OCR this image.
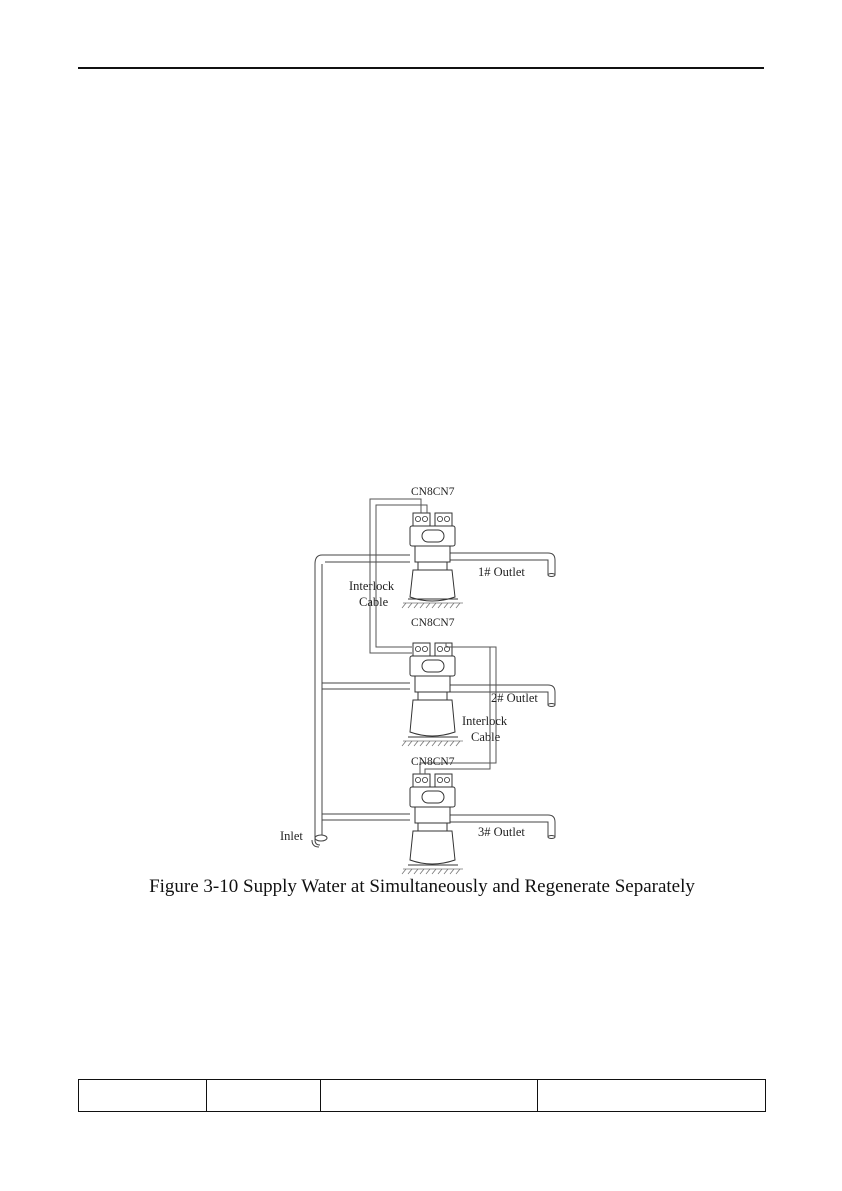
CN8CN7
CN8CN7
CN8CN7
1# Outlet
2# Outlet
3# Outlet
Interlock
Cable
Interlock
Cable
Inlet
Figure 3-10 Supply Water at Simultaneously and Regenerate Separately
